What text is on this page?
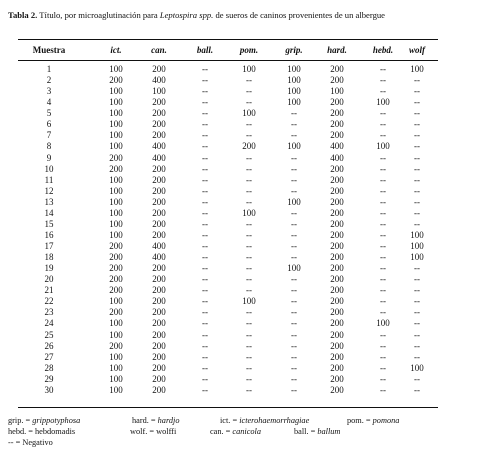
Tabla 2. Título, por microaglutinación para Leptospira spp. de sueros de caninos provenientes de un albergue
Muestra	ict.	can.	ball.	pom.	grip.	hard.	hebd.	wolf
1	100	200	--	100	100	200	--	100
2	200	400	--	--	100	200	--	--
3	100	100	--	--	100	100	--	--
4	100	200	--	--	100	200	100	--
5	100	200	--	100	--	200	--	--
6	100	200	--	--	--	200	--	--
7	100	200	--	--	--	200	--	--
8	100	400	--	200	100	400	100	--
9	200	400	--	--	--	400	--	--
10	200	200	--	--	--	200	--	--
11	100	200	--	--	--	200	--	--
12	100	200	--	--	--	200	--	--
13	100	200	--	--	100	200	--	--
14	100	200	--	100	--	200	--	--
15	100	200	--	--	--	200	--	--
16	100	200	--	--	--	200	--	100
17	200	400	--	--	--	200	--	100
18	200	400	--	--	--	200	--	100
19	200	200	--	--	100	200	--	--
20	200	200	--	--	--	200	--	--
21	200	200	--	--	--	200	--	--
22	100	200	--	100	--	200	--	--
23	200	200	--	--	--	200	--	--
24	100	200	--	--	--	200	100	--
25	100	200	--	--	--	200	--	--
26	200	200	--	--	--	200	--	--
27	100	200	--	--	--	200	--	--
28	100	200	--	--	--	200	--	100
29	100	200	--	--	--	200	--	--
30	100	200	--	--	--	200	--	--
grip. = grippotyphosa	hard. = hardjo	ict. = icterohaemorrhagiae	pom. = pomona
hebd. = hebdomadis	wolf. = wolffi	can. = canicola	ball. = ballum
-- = Negativo
